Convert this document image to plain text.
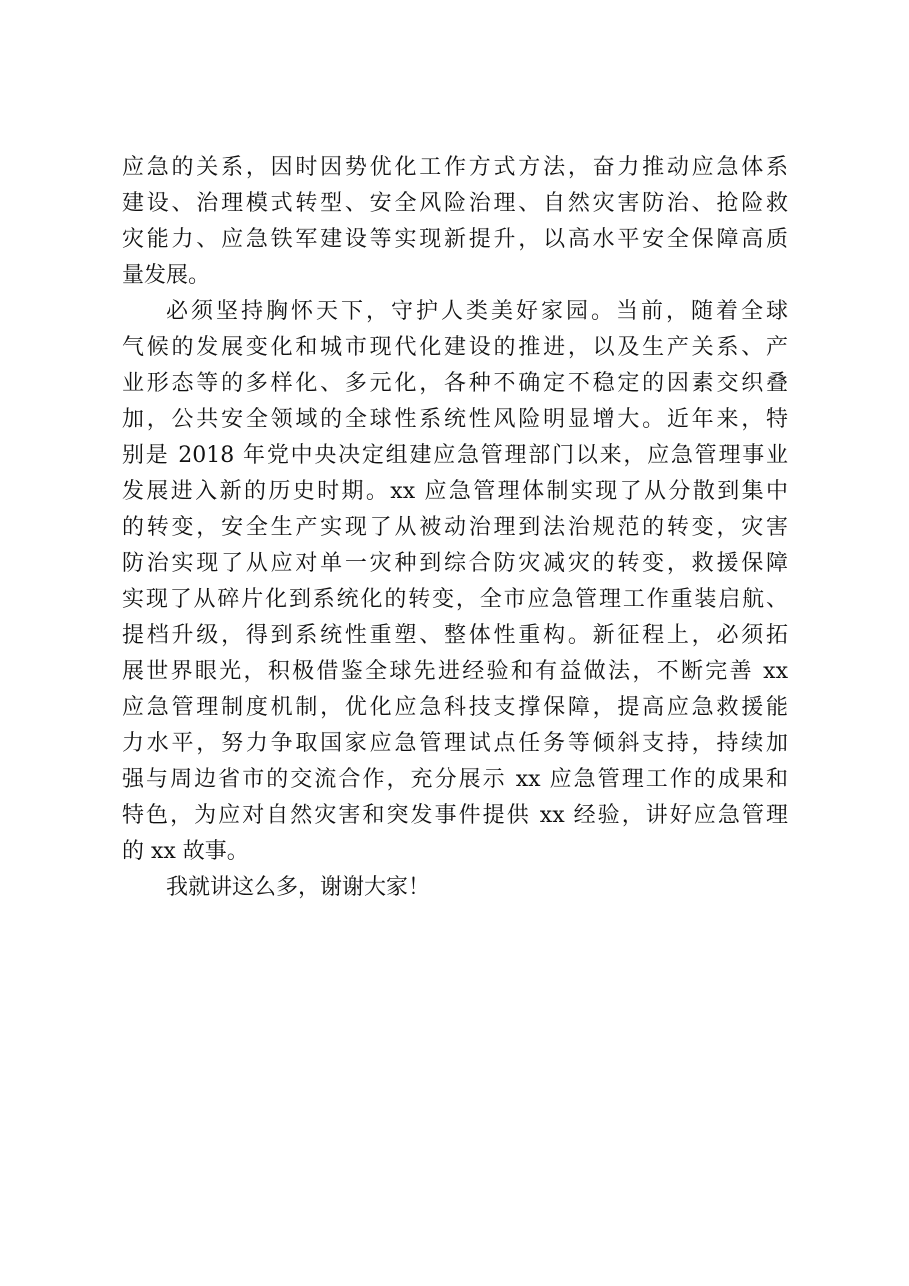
应急的关系，因时因势优化工作方式方法，奋力推动应急体系
建设、治理模式转型、安全风险治理、自然灾害防治、抢险救
灾能力、应急铁军建设等实现新提升，以高水平安全保障高质
量发展。
必须坚持胸怀天下，守护人类美好家园。当前，随着全球
气候的发展变化和城市现代化建设的推进，以及生产关系、产
业形态等的多样化、多元化，各种不确定不稳定的因素交织叠
加，公共安全领域的全球性系统性风险明显增大。近年来，特
别是 2018 年党中央决定组建应急管理部门以来，应急管理事业
发展进入新的历史时期。xx 应急管理体制实现了从分散到集中
的转变，安全生产实现了从被动治理到法治规范的转变，灾害
防治实现了从应对单一灾种到综合防灾减灾的转变，救援保障
实现了从碎片化到系统化的转变，全市应急管理工作重装启航、
提档升级，得到系统性重塑、整体性重构。新征程上，必须拓
展世界眼光，积极借鉴全球先进经验和有益做法，不断完善 xx
应急管理制度机制，优化应急科技支撑保障，提高应急救援能
力水平，努力争取国家应急管理试点任务等倾斜支持，持续加
强与周边省市的交流合作，充分展示 xx 应急管理工作的成果和
特色，为应对自然灾害和突发事件提供 xx 经验，讲好应急管理
的 xx 故事。
我就讲这么多，谢谢大家！
